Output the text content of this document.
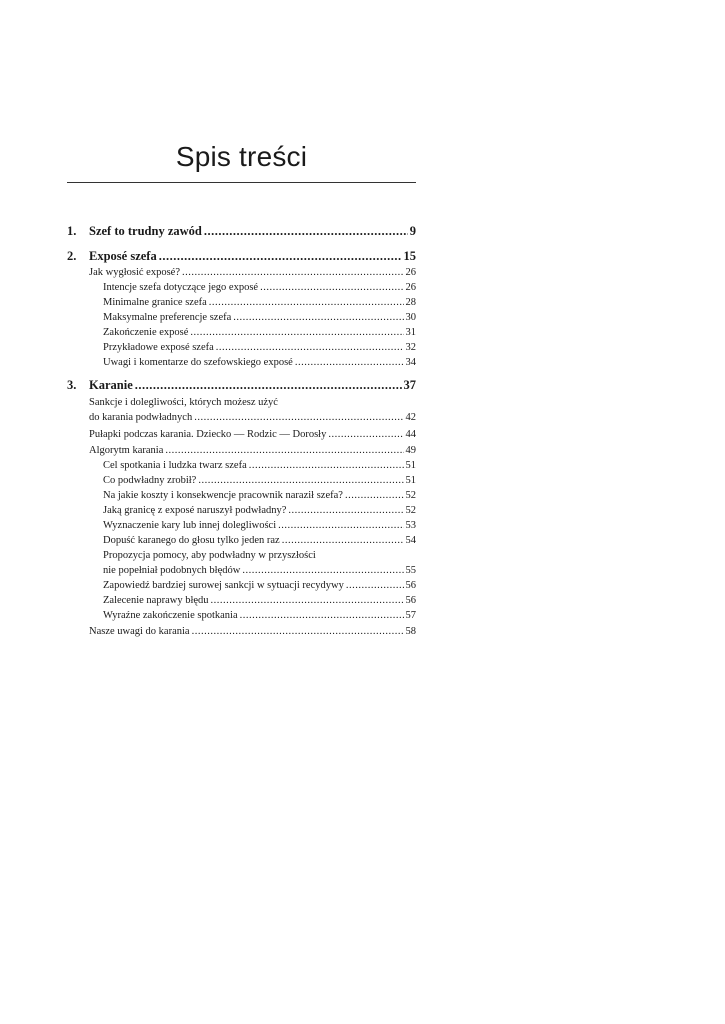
Spis treści
1.	Szef to trudny zawód .....	9
2.	Exposé szefa .....	15
Jak wygłosić exposé? .....	26
Intencje szefa dotyczące jego exposé .....	26
Minimalne granice szefa .....	28
Maksymalne preferencje szefa .....	30
Zakończenie exposé .....	31
Przykładowe exposé szefa .....	32
Uwagi i komentarze do szefowskiego exposé .....	34
3.	Karanie .....	37
Sankcje i dolegliwości, których możesz użyć
do karania podwładnych .....	42
Pułapki podczas karania. Dziecko — Rodzic — Dorosły .....	44
Algorytm karania .....	49
Cel spotkania i ludzka twarz szefa .....	51
Co podwładny zrobił? .....	51
Na jakie koszty i konsekwencje pracownik naraził szefa? .....	52
Jaką granicę z exposé naruszył podwładny? .....	52
Wyznaczenie kary lub innej dolegliwości .....	53
Dopuść karanego do głosu tylko jeden raz .....	54
Propozycja pomocy, aby podwładny w przyszłości
nie popełniał podobnych błędów .....	55
Zapowiedź bardziej surowej sankcji w sytuacji recydywy .....	56
Zalecenie naprawy błędu .....	56
Wyraźne zakończenie spotkania .....	57
Nasze uwagi do karania .....	58
